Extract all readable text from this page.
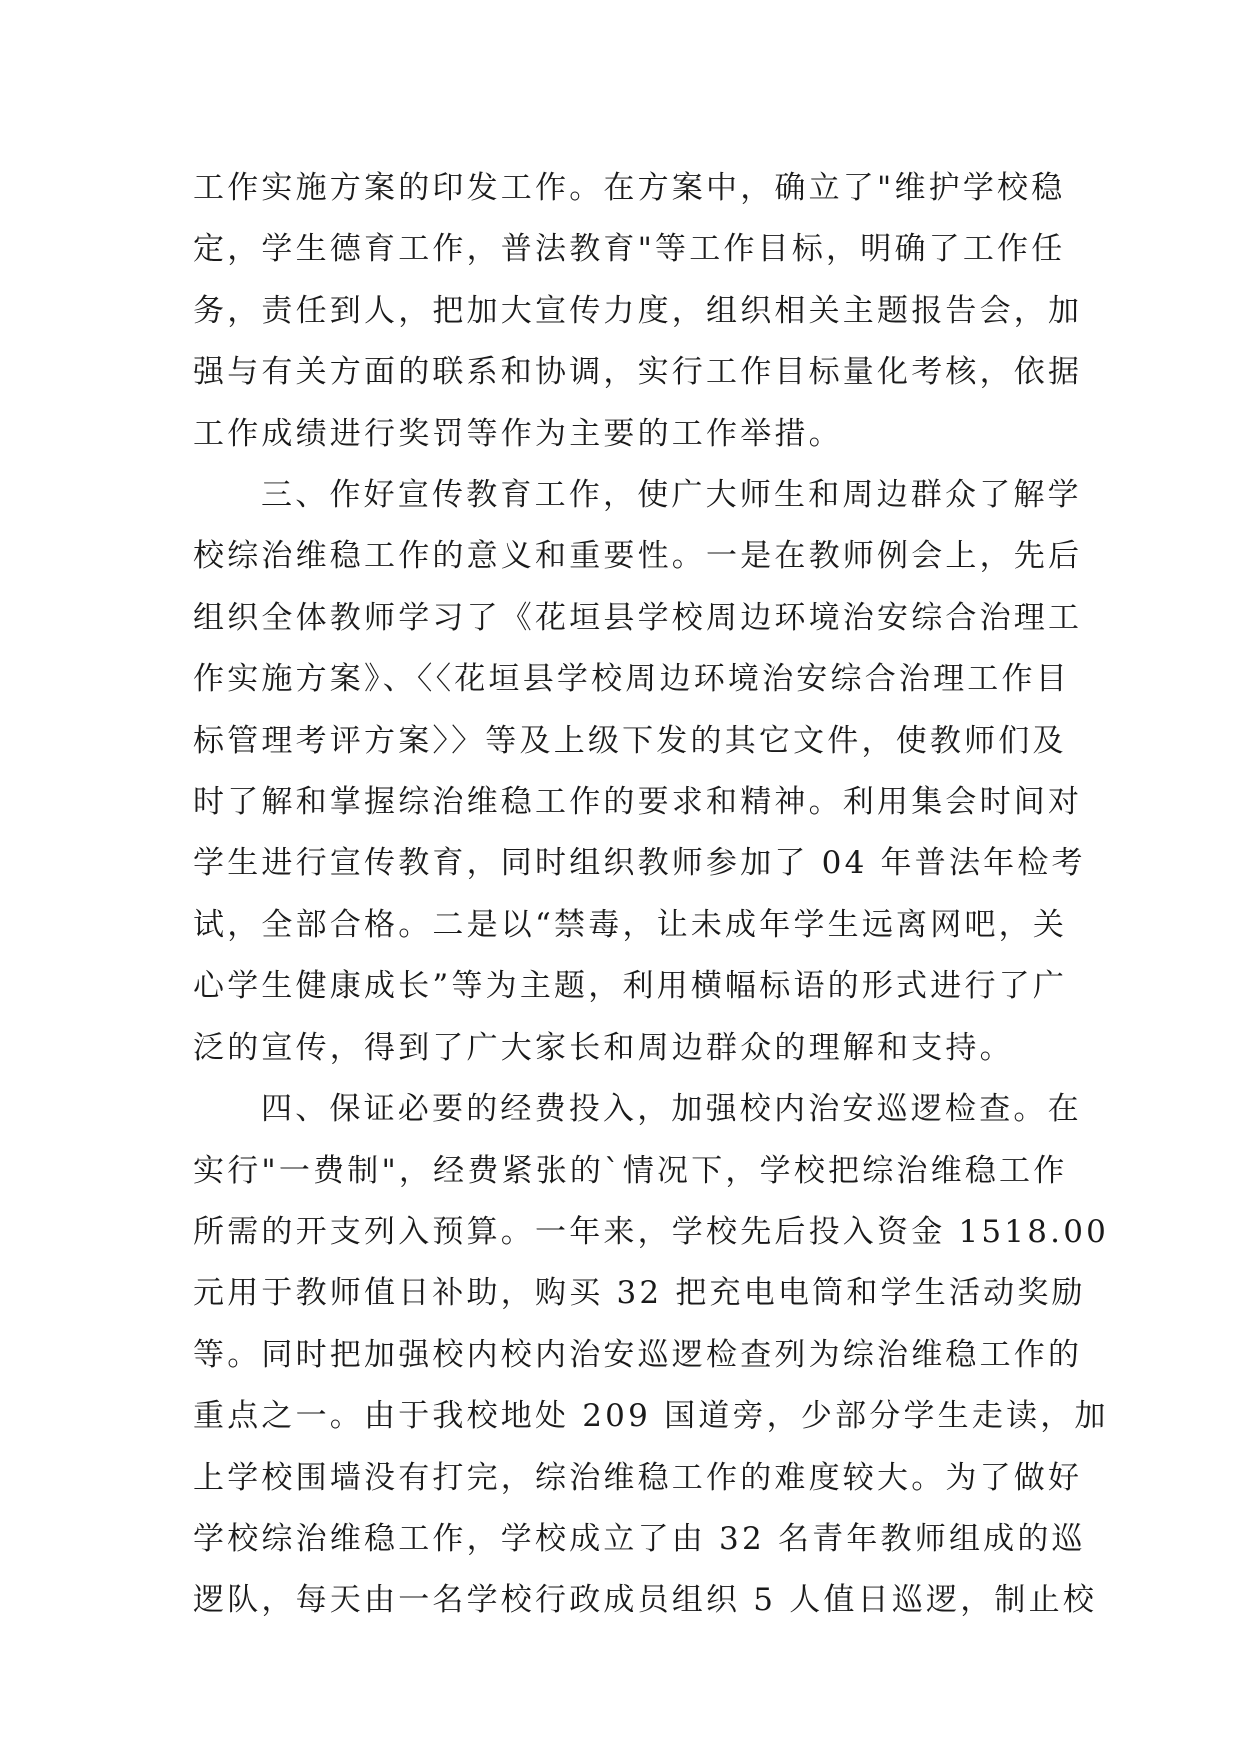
工作实施方案的印发工作。在方案中，确立了"维护学校稳
定，学生德育工作，普法教育"等工作目标，明确了工作任
务，责任到人，把加大宣传力度，组织相关主题报告会，加
强与有关方面的联系和协调，实行工作目标量化考核，依据
工作成绩进行奖罚等作为主要的工作举措。

三、作好宣传教育工作，使广大师生和周边群众了解学
校综治维稳工作的意义和重要性。一是在教师例会上，先后
组织全体教师学习了《花垣县学校周边环境治安综合治理工
作实施方案》、〈〈花垣县学校周边环境治安综合治理工作目
标管理考评方案〉〉等及上级下发的其它文件，使教师们及
时了解和掌握综治维稳工作的要求和精神。利用集会时间对
学生进行宣传教育，同时组织教师参加了 04 年普法年检考
试，全部合格。二是以“禁毒，让未成年学生远离网吧，关
心学生健康成长”等为主题，利用横幅标语的形式进行了广
泛的宣传，得到了广大家长和周边群众的理解和支持。

四、保证必要的经费投入，加强校内治安巡逻检查。在
实行"一费制"，经费紧张的`情况下，学校把综治维稳工作
所需的开支列入预算。一年来，学校先后投入资金 1518.00
元用于教师值日补助，购买 32 把充电电筒和学生活动奖励
等。同时把加强校内校内治安巡逻检查列为综治维稳工作的
重点之一。由于我校地处 209 国道旁，少部分学生走读，加
上学校围墙没有打完，综治维稳工作的难度较大。为了做好
学校综治维稳工作，学校成立了由 32 名青年教师组成的巡
逻队，每天由一名学校行政成员组织 5 人值日巡逻，制止校
